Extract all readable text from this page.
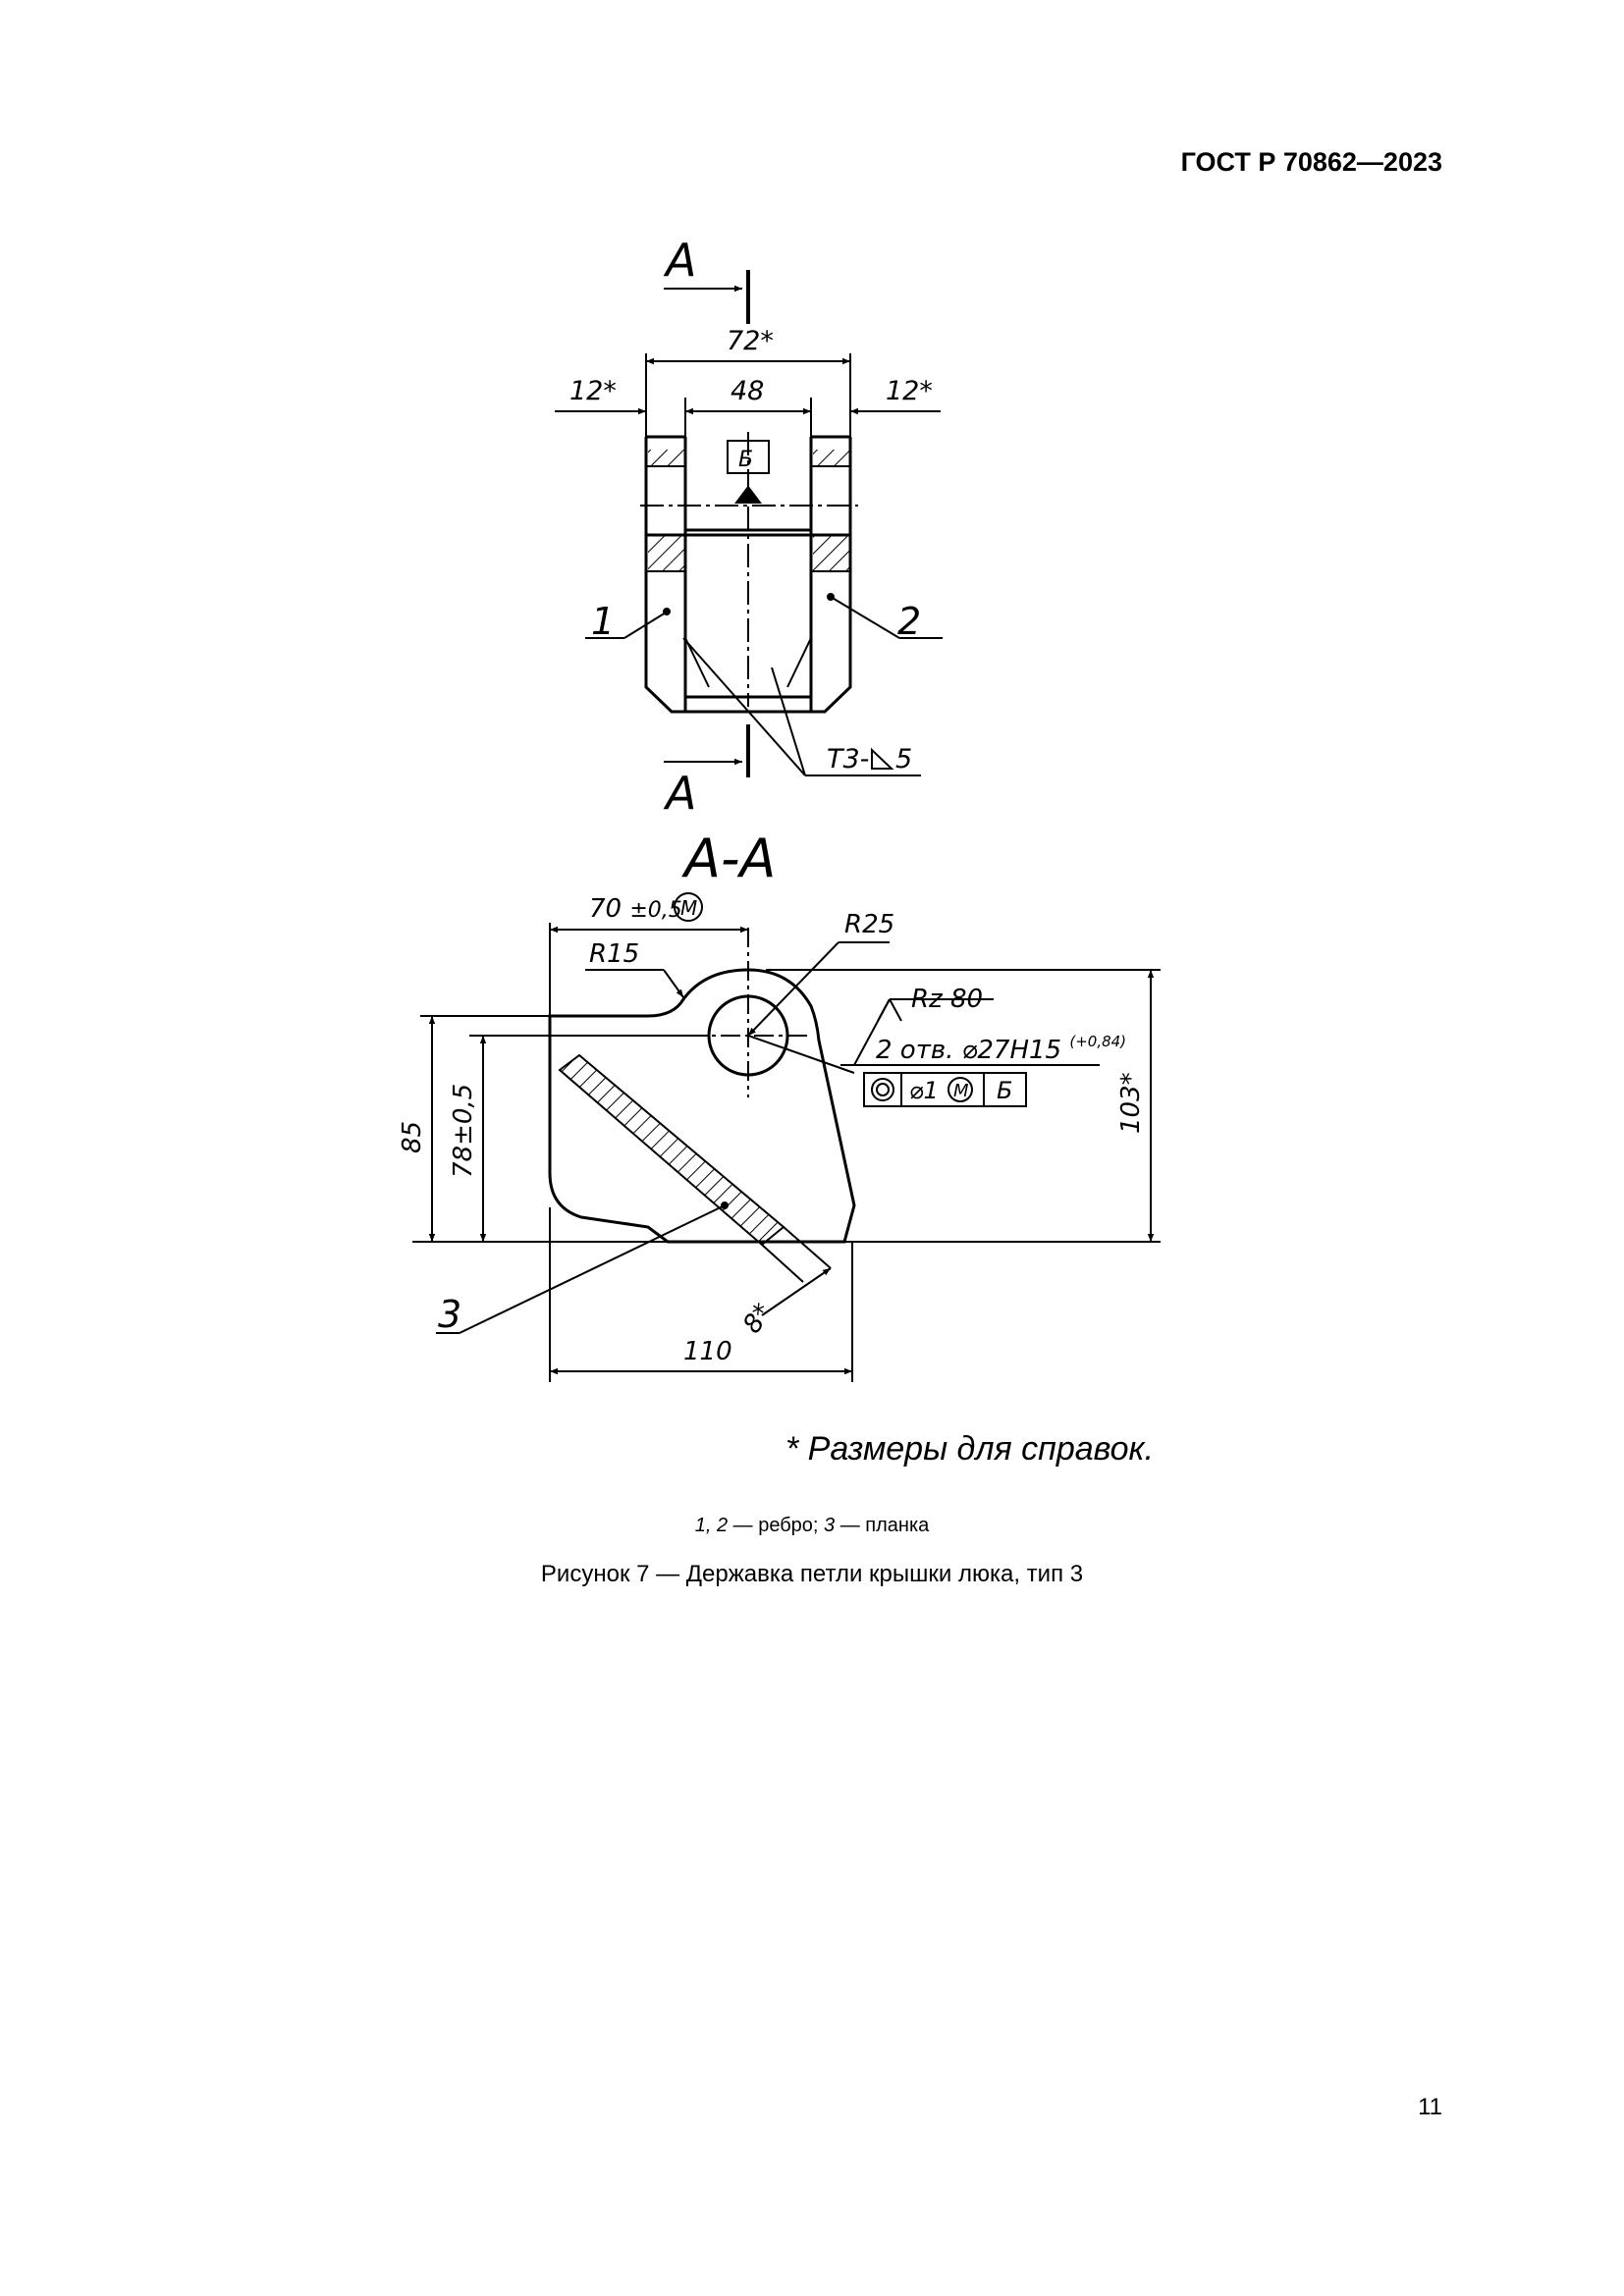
ГОСТ Р 70862—2023
А
А
72*
48
12*	12*
Б
1	2
Т3- 5
А-А
70 ±0,5
M
R15
R25
Rz 80
2 отв. ⌀27H15 $^{(+0,84)}$
⌀1 M Б
85 78±0,5	103*
110
8*
3
* Размеры для справок.
1, 2 — ребро; 3 — планка
Рисунок 7 — Державка петли крышки люка, тип 3
11
